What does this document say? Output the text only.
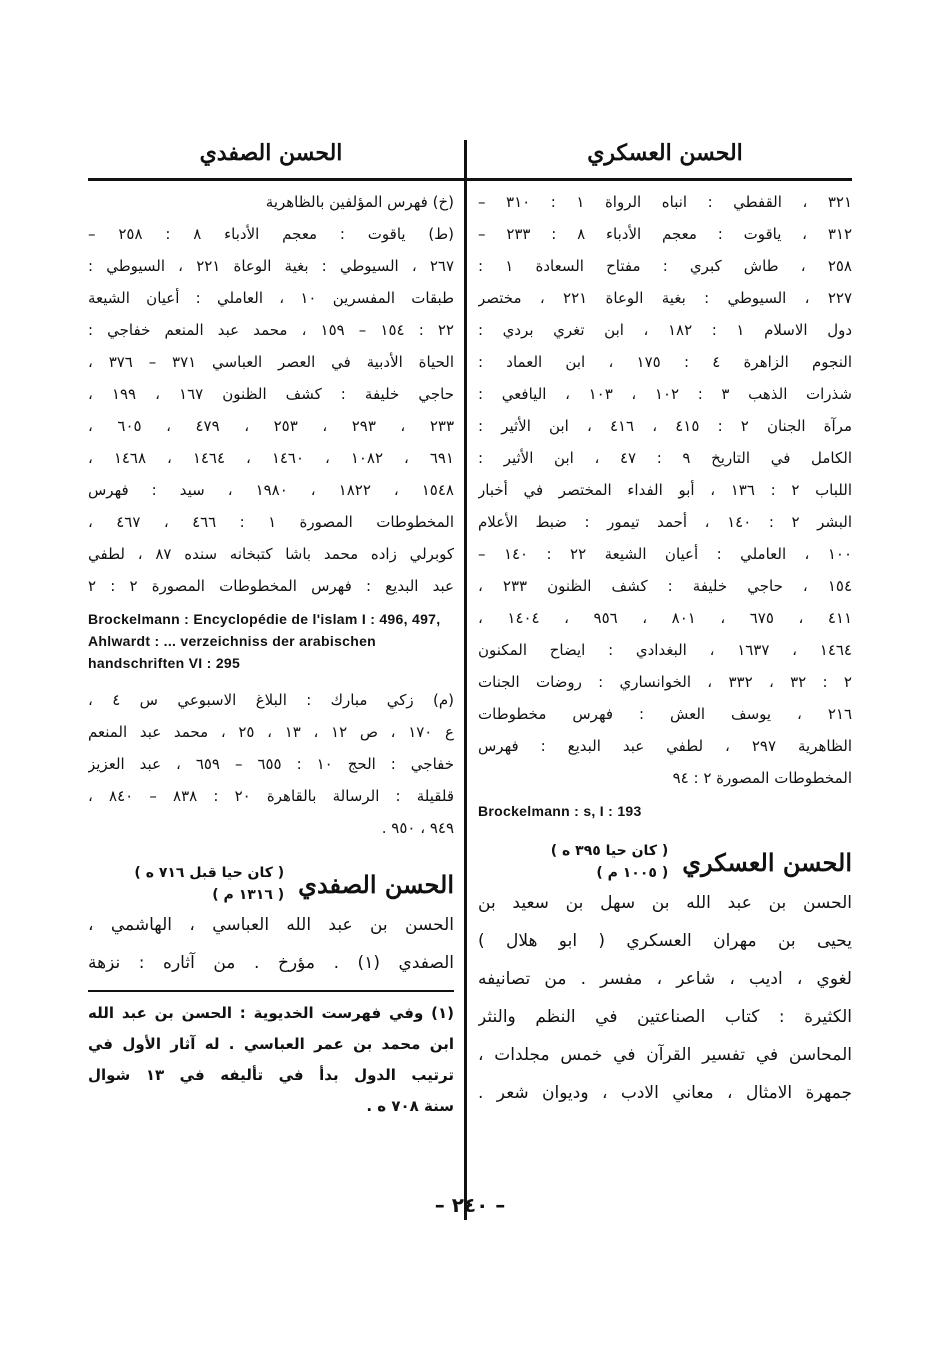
الحسن العسكري
٣٢١ ، القفطي : انباه الرواة ١ : ٣١٠ –
٣١٢ ، ياقوت : معجم الأدباء ٨ : ٢٣٣ –
٢٥٨ ، طاش كبري : مفتاح السعادة ١ :
٢٢٧ ، السيوطي : بغية الوعاة ٢٢١ ، مختصر
دول الاسلام ١ : ١٨٢ ، ابن تغري بردي :
النجوم الزاهرة ٤ : ١٧٥ ، ابن العماد :
شذرات الذهب ٣ : ١٠٢ ، ١٠٣ ، اليافعي :
مرآة الجنان ٢ : ٤١٥ ، ٤١٦ ، ابن الأثير :
الكامل في التاريخ ٩ : ٤٧ ، ابن الأثير :
اللباب ٢ : ١٣٦ ، أبو الفداء المختصر في أخبار
البشر ٢ : ١٤٠ ، أحمد تيمور : ضبط الأعلام
١٠٠ ، العاملي : أعيان الشيعة ٢٢ : ١٤٠ –
١٥٤ ، حاجي خليفة : كشف الظنون ٢٣٣ ،
٤١١ ، ٦٧٥ ، ٨٠١ ، ٩٥٦ ، ١٤٠٤ ،
١٤٦٤ ، ١٦٣٧ ، البغدادي : ايضاح المكنون
٢ : ٣٢ ، ٣٣٢ ، الخوانساري : روضات الجنات
٢١٦ ، يوسف العش : فهرس مخطوطات
الظاهرية ٢٩٧ ، لطفي عبد البديع : فهرس
المخطوطات المصورة ٢ : ٩٤
Brockelmann : s, I : 193
الحسن العسكري
( كان حيا ٣٩٥ ه )
( ١٠٠٥ م )
الحسن بن عبد الله بن سهل بن سعيد بن
يحيى بن مهران العسكري ( ابو هلال )
لغوي ، اديب ، شاعر ، مفسر . من تصانيفه
الكثيرة : كتاب الصناعتين في النظم والنثر
المحاسن في تفسير القرآن في خمس مجلدات ،
جمهرة الامثال ، معاني الادب ، وديوان شعر .
الحسن الصفدي
(خ) فهرس المؤلفين بالظاهرية
(ط) ياقوت : معجم الأدباء ٨ : ٢٥٨ –
٢٦٧ ، السيوطي : بغية الوعاة ٢٢١ ، السيوطي :
طبقات المفسرين ١٠ ، العاملي : أعيان الشيعة
٢٢ : ١٥٤ – ١٥٩ ، محمد عبد المنعم خفاجي :
الحياة الأدبية في العصر العباسي ٣٧١ – ٣٧٦ ،
حاجي خليفة : كشف الظنون ١٦٧ ، ١٩٩ ،
٢٣٣ ، ٢٩٣ ، ٢٥٣ ، ٤٧٩ ، ٦٠٥ ،
٦٩١ ، ١٠٨٢ ، ١٤٦٠ ، ١٤٦٤ ، ١٤٦٨ ،
١٥٤٨ ، ١٨٢٢ ، ١٩٨٠ ، سيد : فهرس
المخطوطات المصورة ١ : ٤٦٦ ، ٤٦٧ ،
كوبرلي زاده محمد باشا كتبخانه سنده ٨٧ ، لطفي
عبد البديع : فهرس المخطوطات المصورة ٢ : ٢
Brockelmann : Encyclopédie de l'islam I : 496, 497, Ahlwardt : ... verzeichniss der arabischen handschriften VI : 295
(م) زكي مبارك : البلاغ الاسبوعي س ٤ ،
ع ١٧٠ ، ص ١٢ ، ١٣ ، ٢٥ ، محمد عبد المنعم
خفاجي : الحج ١٠ : ٦٥٥ – ٦٥٩ ، عبد العزيز
قلقيلة : الرسالة بالقاهرة ٢٠ : ٨٣٨ – ٨٤٠ ،
٩٤٩ ، ٩٥٠ .
الحسن الصفدي
( كان حيا قبل ٧١٦ ه )
( ١٣١٦ م )
الحسن بن عبد الله العباسي ، الهاشمي ،
الصفدي (١) . مؤرخ . من آثاره : نزهة
(١) وفي فهرست الخديوية : الحسن بن عبد الله
ابن محمد بن عمر العباسي . له آثار الأول في
ترتيب الدول بدأ في تأليفه في ١٣ شوال
سنة ٧٠٨ ه .
– ٢٤٠ –
